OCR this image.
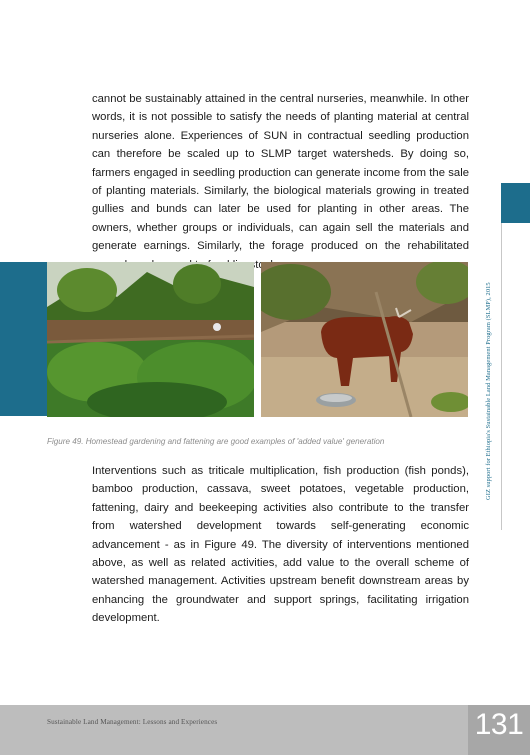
cannot be sustainably attained in the central nurseries, meanwhile. In other words, it is not possible to satisfy the needs of planting material at central nurseries alone. Experiences of SUN in contractual seedling production can therefore be scaled up to SLMP target watersheds. By doing so, farmers engaged in seedling production can generate income from the sale of planting materials. Similarly, the biological materials growing in treated gullies and bunds can later be used for planting in other areas. The owners, whether groups or individuals, can again sell the materials and generate earnings. Similarly, the forage produced on the rehabilitated livestock.

GIZ support for Ethiopia's Sustainable Land Management Program (SLMP), 2015
Figure 49. Homestead gardening and fattening are good examples of 'added value' generation

Interventions such as triticale multiplication, fish production (fish ponds), bamboo production, cassava, sweet potatoes, vegetable production, fattening, dairy and beekeeping activities also contribute to the transfer from watershed development towards self-generating economic advancement - as in Figure 49. The diversity of interventions mentioned above, as well as related activities, add value to the overall scheme of watershed management. Activities upstream benefit downstream areas by enhancing the groundwater and support springs, facilitating irrigation development.

Sustainable Land Management: Lessons and Experiences	131
